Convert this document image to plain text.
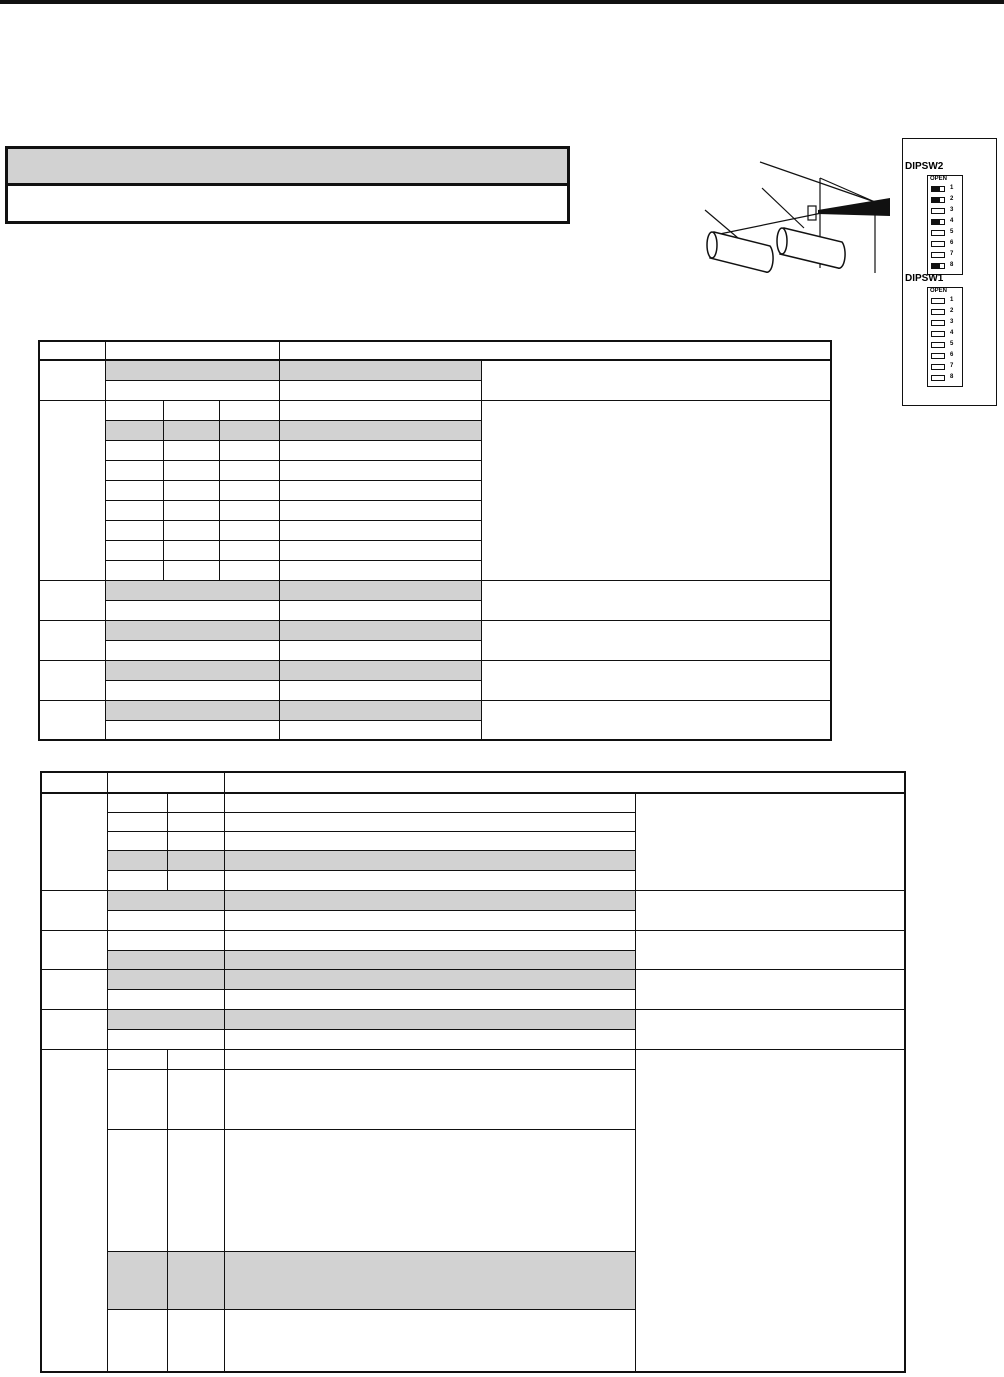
DIPSW2
OPEN
1
2
3
4
5
6
7
8
DIPSW1
OPEN
1
2
3
4
5
6
7
8
